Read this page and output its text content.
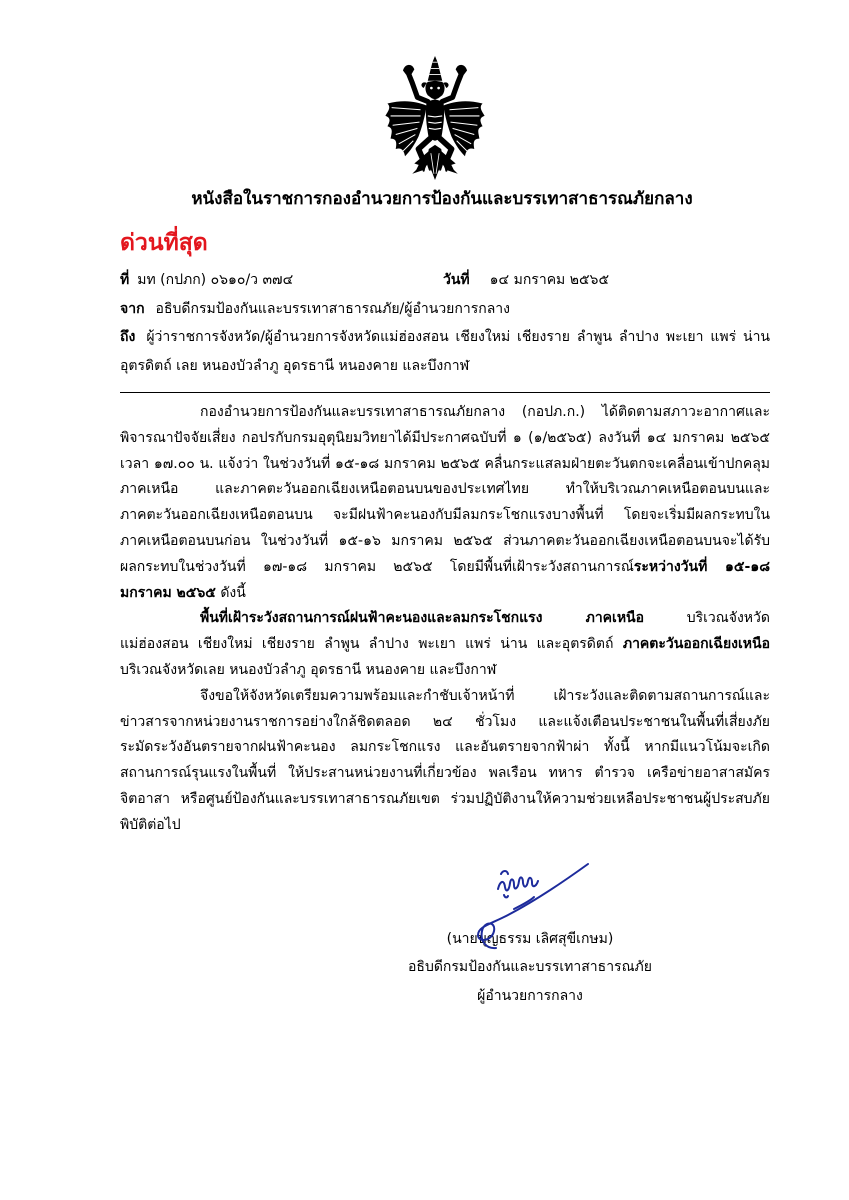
หนังสือในราชการกองอำนวยการป้องกันและบรรเทาสาธารณภัยกลาง
ด่วนที่สุด
ที่ มท (กปภก) ๐๖๑๐/ว ๓๗๔	วันที่ ๑๔ มกราคม ๒๕๖๕
จาก อธิบดีกรมป้องกันและบรรเทาสาธารณภัย/ผู้อำนวยการกลาง
ถึง ผู้ว่าราชการจังหวัด/ผู้อำนวยการจังหวัดแม่ฮ่องสอน เชียงใหม่ เชียงราย ลำพูน ลำปาง พะเยา แพร่ น่าน
อุตรดิตถ์ เลย หนองบัวลำภู อุดรธานี หนองคาย และบึงกาฬ
กองอำนวยการป้องกันและบรรเทาสาธารณภัยกลาง (กอปภ.ก.) ได้ติดตามสภาวะอากาศและ
พิจารณาปัจจัยเสี่ยง กอปรกับกรมอุตุนิยมวิทยาได้มีประกาศฉบับที่ ๑ (๑/๒๕๖๕) ลงวันที่ ๑๔ มกราคม ๒๕๖๕
เวลา ๑๗.๐๐ น. แจ้งว่า ในช่วงวันที่ ๑๕-๑๘ มกราคม ๒๕๖๕ คลื่นกระแสลมฝ่ายตะวันตกจะเคลื่อนเข้าปกคลุม
ภาคเหนือ และภาคตะวันออกเฉียงเหนือตอนบนของประเทศไทย ทำให้บริเวณภาคเหนือตอนบนและ
ภาคตะวันออกเฉียงเหนือตอนบน จะมีฝนฟ้าคะนองกับมีลมกระโชกแรงบางพื้นที่ โดยจะเริ่มมีผลกระทบใน
ภาคเหนือตอนบนก่อน ในช่วงวันที่ ๑๕-๑๖ มกราคม ๒๕๖๕ ส่วนภาคตะวันออกเฉียงเหนือตอนบนจะได้รับ
ผลกระทบในช่วงวันที่ ๑๗-๑๘ มกราคม ๒๕๖๕ โดยมีพื้นที่เฝ้าระวังสถานการณ์ระหว่างวันที่ ๑๕-๑๘
มกราคม ๒๕๖๕ ดังนี้
พื้นที่เฝ้าระวังสถานการณ์ฝนฟ้าคะนองและลมกระโชกแรง ภาคเหนือ บริเวณจังหวัด
แม่ฮ่องสอน เชียงใหม่ เชียงราย ลำพูน ลำปาง พะเยา แพร่ น่าน และอุตรดิตถ์ ภาคตะวันออกเฉียงเหนือ
บริเวณจังหวัดเลย หนองบัวลำภู อุดรธานี หนองคาย และบึงกาฬ
จึงขอให้จังหวัดเตรียมความพร้อมและกำชับเจ้าหน้าที่ เฝ้าระวังและติดตามสถานการณ์และ
ข่าวสารจากหน่วยงานราชการอย่างใกล้ชิดตลอด ๒๔ ชั่วโมง และแจ้งเตือนประชาชนในพื้นที่เสี่ยงภัย
ระมัดระวังอันตรายจากฝนฟ้าคะนอง ลมกระโชกแรง และอันตรายจากฟ้าผ่า ทั้งนี้ หากมีแนวโน้มจะเกิด
สถานการณ์รุนแรงในพื้นที่ ให้ประสานหน่วยงานที่เกี่ยวข้อง พลเรือน ทหาร ตำรวจ เครือข่ายอาสาสมัคร
จิตอาสา หรือศูนย์ป้องกันและบรรเทาสาธารณภัยเขต ร่วมปฏิบัติงานให้ความช่วยเหลือประชาชนผู้ประสบภัยพิบัติต่อไป
(นายบุญธรรม เลิศสุขีเกษม)
อธิบดีกรมป้องกันและบรรเทาสาธารณภัย
ผู้อำนวยการกลาง
